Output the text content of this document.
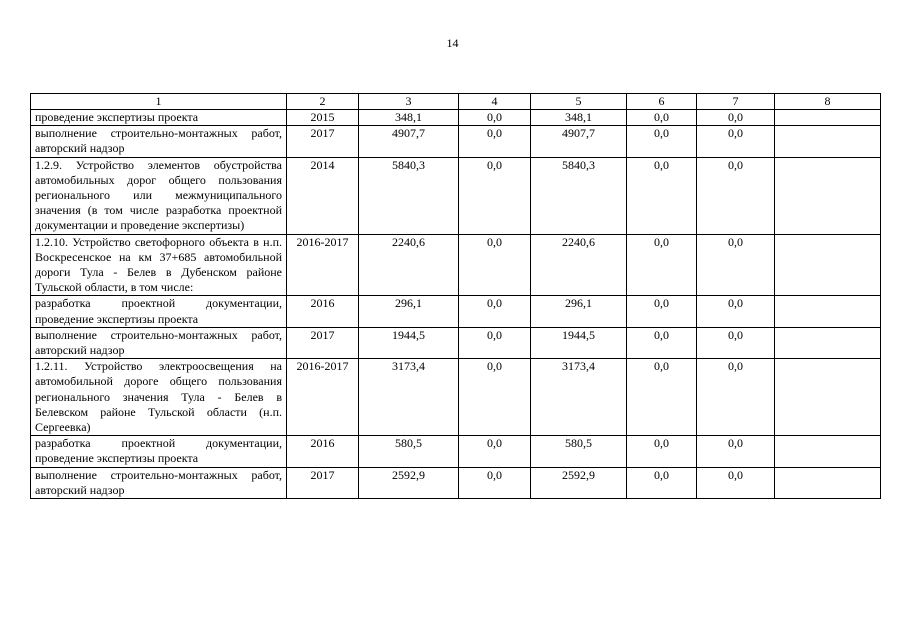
14
1	2	3	4	5	6	7	8
проведение экспертизы проекта	2015	348,1	0,0	348,1	0,0	0,0	
выполнение строительно-монтажных работ, авторский надзор	2017	4907,7	0,0	4907,7	0,0	0,0	
1.2.9. Устройство элементов обустройства автомобильных дорог общего пользования регионального или межмуниципального значения (в том числе разработка проектной документации и проведение экспертизы)	2014	5840,3	0,0	5840,3	0,0	0,0	
1.2.10. Устройство светофорного объекта в н.п. Воскресенское на км 37+685 автомобильной дороги Тула - Белев в Дубенском районе Тульской области, в том числе:	2016-2017	2240,6	0,0	2240,6	0,0	0,0	
разработка проектной документации, проведение экспертизы проекта	2016	296,1	0,0	296,1	0,0	0,0	
выполнение строительно-монтажных работ, авторский надзор	2017	1944,5	0,0	1944,5	0,0	0,0	
1.2.11. Устройство электроосвещения на автомобильной дороге общего пользования регионального значения Тула - Белев в Белевском районе Тульской области (н.п. Сергеевка)	2016-2017	3173,4	0,0	3173,4	0,0	0,0	
разработка проектной документации, проведение экспертизы проекта	2016	580,5	0,0	580,5	0,0	0,0	
выполнение строительно-монтажных работ, авторский надзор	2017	2592,9	0,0	2592,9	0,0	0,0	
